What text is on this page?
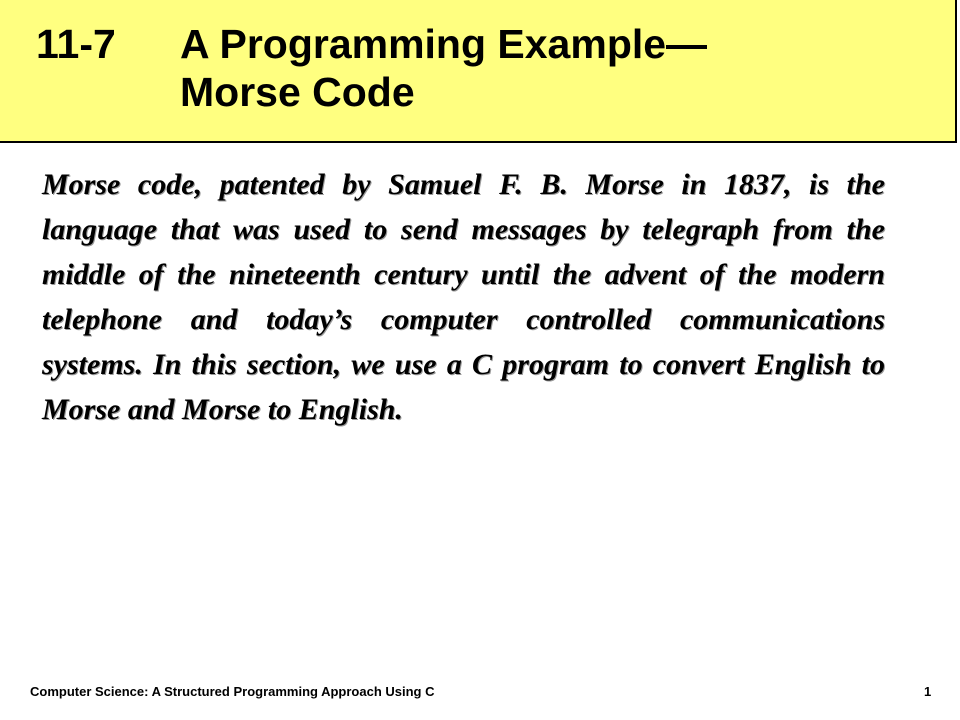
11-7 A Programming Example—
Morse Code

Morse code, patented by Samuel F. B. Morse in 1837, is the language that was used to send messages by telegraph from the middle of the nineteenth century until the advent of the modern telephone and today’s computer controlled communications systems. In this section, we use a C program to convert English to Morse and Morse to English.

Computer Science: A Structured Programming Approach Using C	1
